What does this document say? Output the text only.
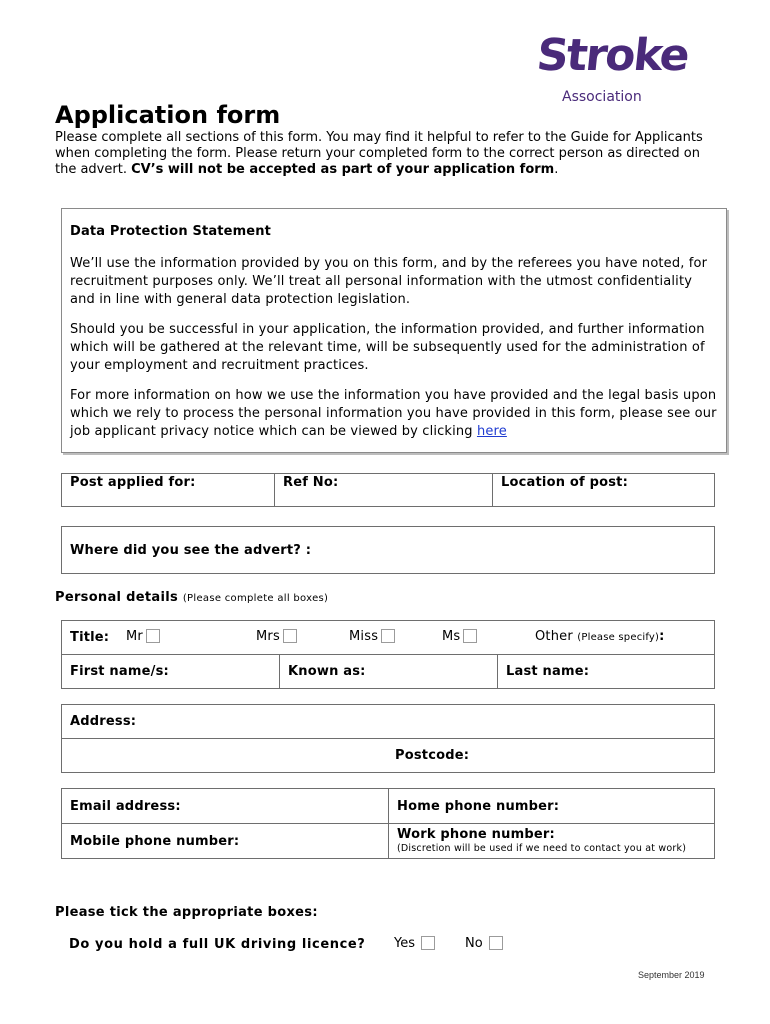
Stroke
Association
Application form
Please complete all sections of this form. You may find it helpful to refer to the Guide for Applicants when completing the form. Please return your completed form to the correct person as directed on the advert. CV’s will not be accepted as part of your application form.

Data Protection Statement

We’ll use the information provided by you on this form, and by the referees you have noted, for recruitment purposes only. We’ll treat all personal information with the utmost confidentiality and in line with general data protection legislation.

Should you be successful in your application, the information provided, and further information which will be gathered at the relevant time, will be subsequently used for the administration of your employment and recruitment practices.

For more information on how we use the information you have provided and the legal basis upon which we rely to process the personal information you have provided in this form, please see our job applicant privacy notice which can be viewed by clicking here

Post applied for:	Ref No:	Location of post:
Where did you see the advert? :
Personal details (Please complete all boxes)
Title: Mr	Mrs	Miss	Ms	Other (Please specify):

First name/s:	Known as:	Last name:
Address:
Postcode:
Email address:	Home phone number:
Mobile phone number:	Work phone number:
(Discretion will be used if we need to contact you at work)
Please tick the appropriate boxes:
Do you hold a full UK driving licence? Yes	No
September 2019
